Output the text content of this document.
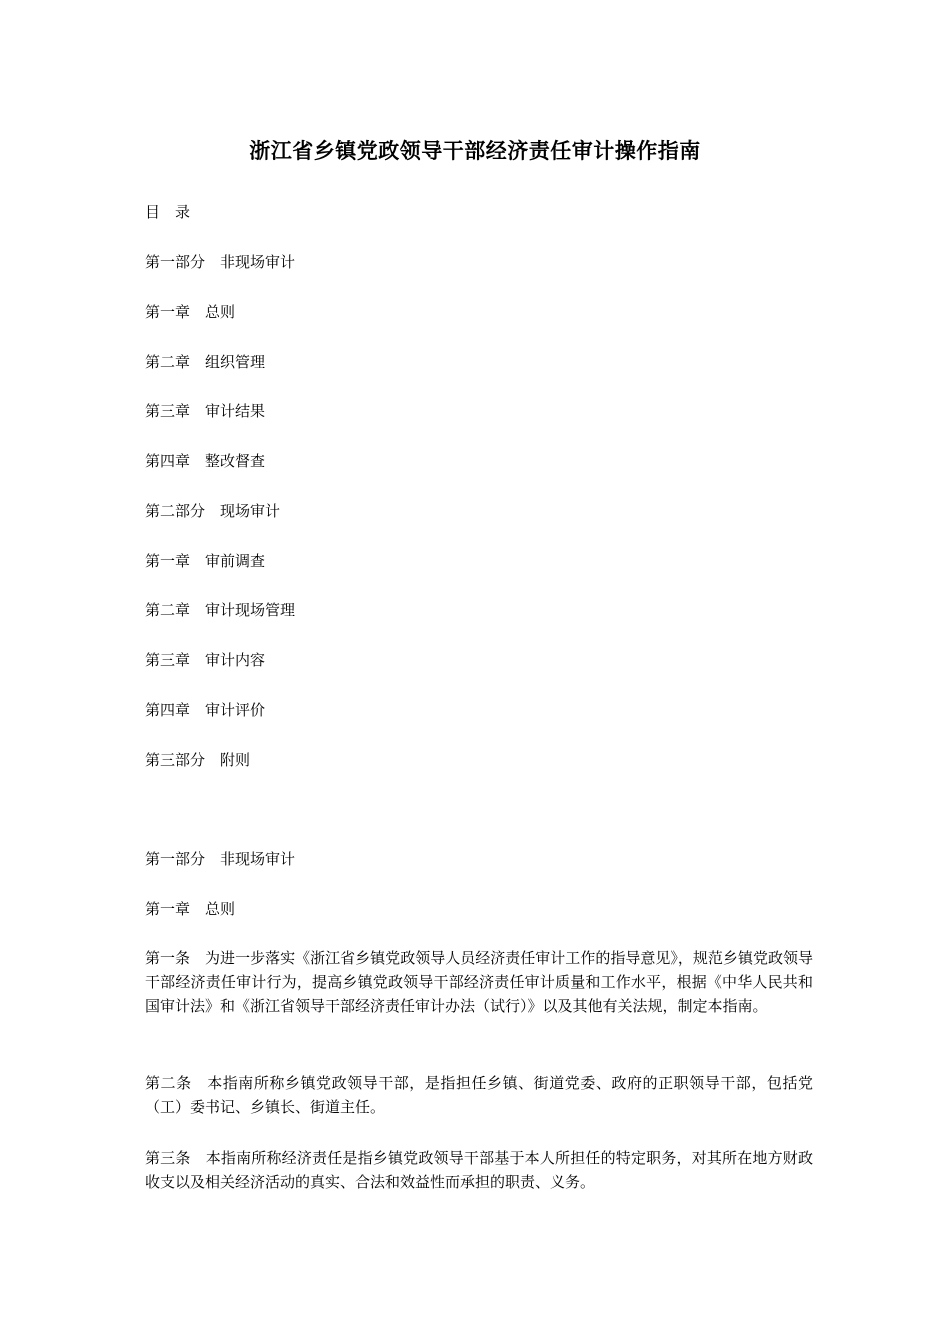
浙江省乡镇党政领导干部经济责任审计操作指南
目　录
第一部分　非现场审计
第一章　总则
第二章　组织管理
第三章　审计结果
第四章　整改督查
第二部分　现场审计
第一章　审前调查
第二章　审计现场管理
第三章　审计内容
第四章　审计评价
第三部分　附则
第一部分　非现场审计
第一章　总则
第一条　为进一步落实《浙江省乡镇党政领导人员经济责任审计工作的指导意见》，规范乡镇党政领导干部经济责任审计行为，提高乡镇党政领导干部经济责任审计质量和工作水平，根据《中华人民共和国审计法》和《浙江省领导干部经济责任审计办法（试行）》以及其他有关法规，制定本指南。
第二条　本指南所称乡镇党政领导干部，是指担任乡镇、街道党委、政府的正职领导干部，包括党（工）委书记、乡镇长、街道主任。
第三条　本指南所称经济责任是指乡镇党政领导干部基于本人所担任的特定职务，对其所在地方财政收支以及相关经济活动的真实、合法和效益性而承担的职责、义务。
